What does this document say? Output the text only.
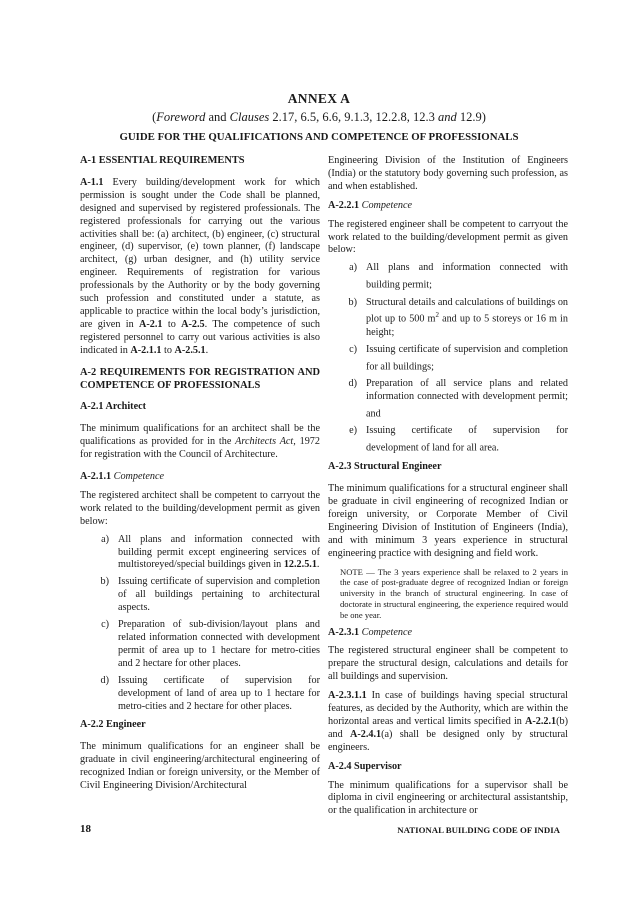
ANNEX A
(Foreword and Clauses 2.17, 6.5, 6.6, 9.1.3, 12.2.8, 12.3 and 12.9)
GUIDE FOR THE QUALIFICATIONS AND COMPETENCE OF PROFESSIONALS

A-1 ESSENTIAL REQUIREMENTS

A-1.1 Every building/development work for which permission is sought under the Code shall be planned, designed and supervised by registered professionals. The registered professionals for carrying out the various activities shall be: (a) architect, (b) engineer, (c) structural engineer, (d) supervisor, (e) town planner, (f) landscape architect, (g) urban designer, and (h) utility service engineer. Requirements of registration for various professionals by the Authority or by the body governing such profession and constituted under a statute, as applicable to practice within the local body’s jurisdiction, are given in A-2.1 to A-2.5. The competence of such registered personnel to carry out various activities is also indicated in A-2.1.1 to A-2.5.1.

A-2 REQUIREMENTS FOR REGISTRATION AND COMPETENCE OF PROFESSIONALS

A-2.1 Architect

The minimum qualifications for an architect shall be the qualifications as provided for in the Architects Act, 1972 for registration with the Council of Architecture.

A-2.1.1 Competence

The registered architect shall be competent to carryout the work related to the building/development permit as given below:

a) All plans and information connected with building permit except engineering services of multistoreyed/special buildings given in 12.2.5.1.
b) Issuing certificate of supervision and completion of all buildings pertaining to architectural aspects.
c) Preparation of sub-division/layout plans and related information connected with development permit of area up to 1 hectare for metro-cities and 2 hectare for other places.
d) Issuing certificate of supervision for development of land of area up to 1 hectare for metro-cities and 2 hectare for other places.

A-2.2 Engineer

The minimum qualifications for an engineer shall be graduate in civil engineering/architectural engineering of recognized Indian or foreign university, or the Member of Civil Engineering Division/Architectural

Engineering Division of the Institution of Engineers (India) or the statutory body governing such profession, as and when established.

A-2.2.1 Competence

The registered engineer shall be competent to carryout the work related to the building/development permit as given below:

a) All plans and information connected with building permit;
b) Structural details and calculations of buildings on plot up to 500 $m^2$ and up to 5 storeys or 16 m in height;
c) Issuing certificate of supervision and completion for all buildings;
d) Preparation of all service plans and related information connected with development permit; and
e) Issuing certificate of supervision for development of land for all area.

A-2.3 Structural Engineer

The minimum qualifications for a structural engineer shall be graduate in civil engineering of recognized Indian or foreign university, or Corporate Member of Civil Engineering Division of Institution of Engineers (India), and with minimum 3 years experience in structural engineering practice with designing and field work.

NOTE — The 3 years experience shall be relaxed to 2 years in the case of post-graduate degree of recognized Indian or foreign university in the branch of structural engineering. In case of doctorate in structural engineering, the experience required would be one year.

A-2.3.1 Competence

The registered structural engineer shall be competent to prepare the structural design, calculations and details for all buildings and supervision.

A-2.3.1.1 In case of buildings having special structural features, as decided by the Authority, which are within the horizontal areas and vertical limits specified in A-2.2.1(b) and A-2.4.1(a) shall be designed only by structural engineers.

A-2.4 Supervisor

The minimum qualifications for a supervisor shall be diploma in civil engineering or architectural assistantship, or the qualification in architecture or

18	NATIONAL BUILDING CODE OF INDIA
